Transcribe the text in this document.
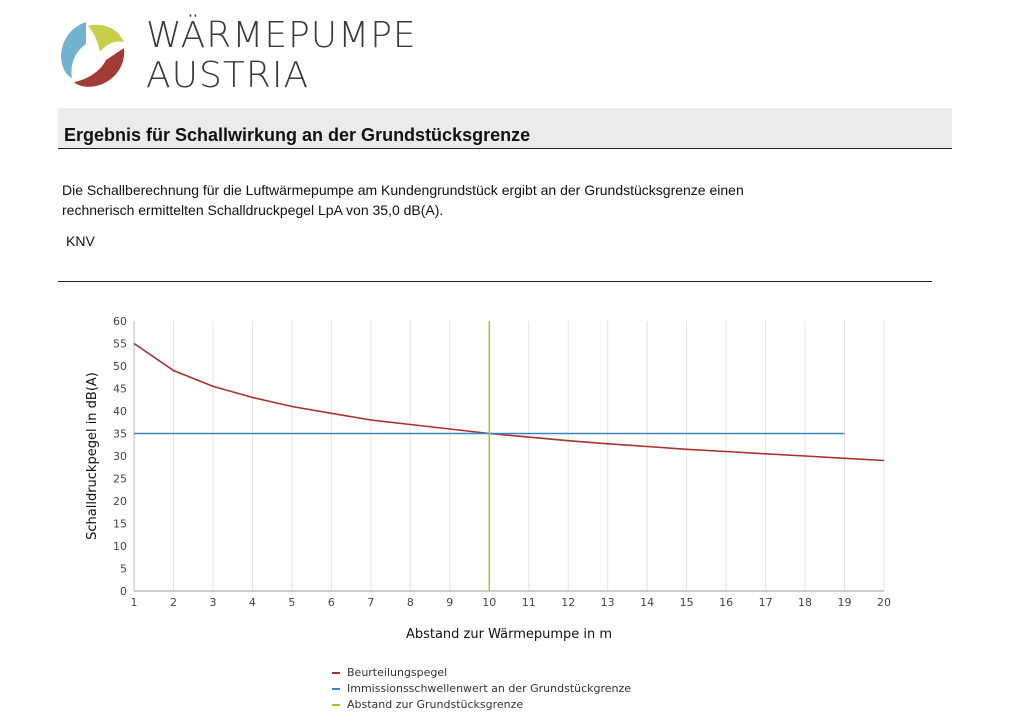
WÄRMEPUMPE
AUSTRIA
Ergebnis für Schallwirkung an der Grundstücksgrenze
Die Schallberechnung für die Luftwärmepumpe am Kundengrundstück ergibt an der Grundstücksgrenze einen
rechnerisch ermittelten Schalldruckpegel LpA von 35,0 dB(A).
KNV
1	2	3	4	5	6	7	8	9	10 11 12 13 14 15 16 17 18 19 20
0
5
10
15
20
25
30
35
40
45
50
55
60
Schalldruckpegel in dB(A)
Abstand zur Wärmepumpe in m
Beurteilungspegel
Immissionsschwellenwert an der Grundstückgrenze
Abstand zur Grundstücksgrenze
